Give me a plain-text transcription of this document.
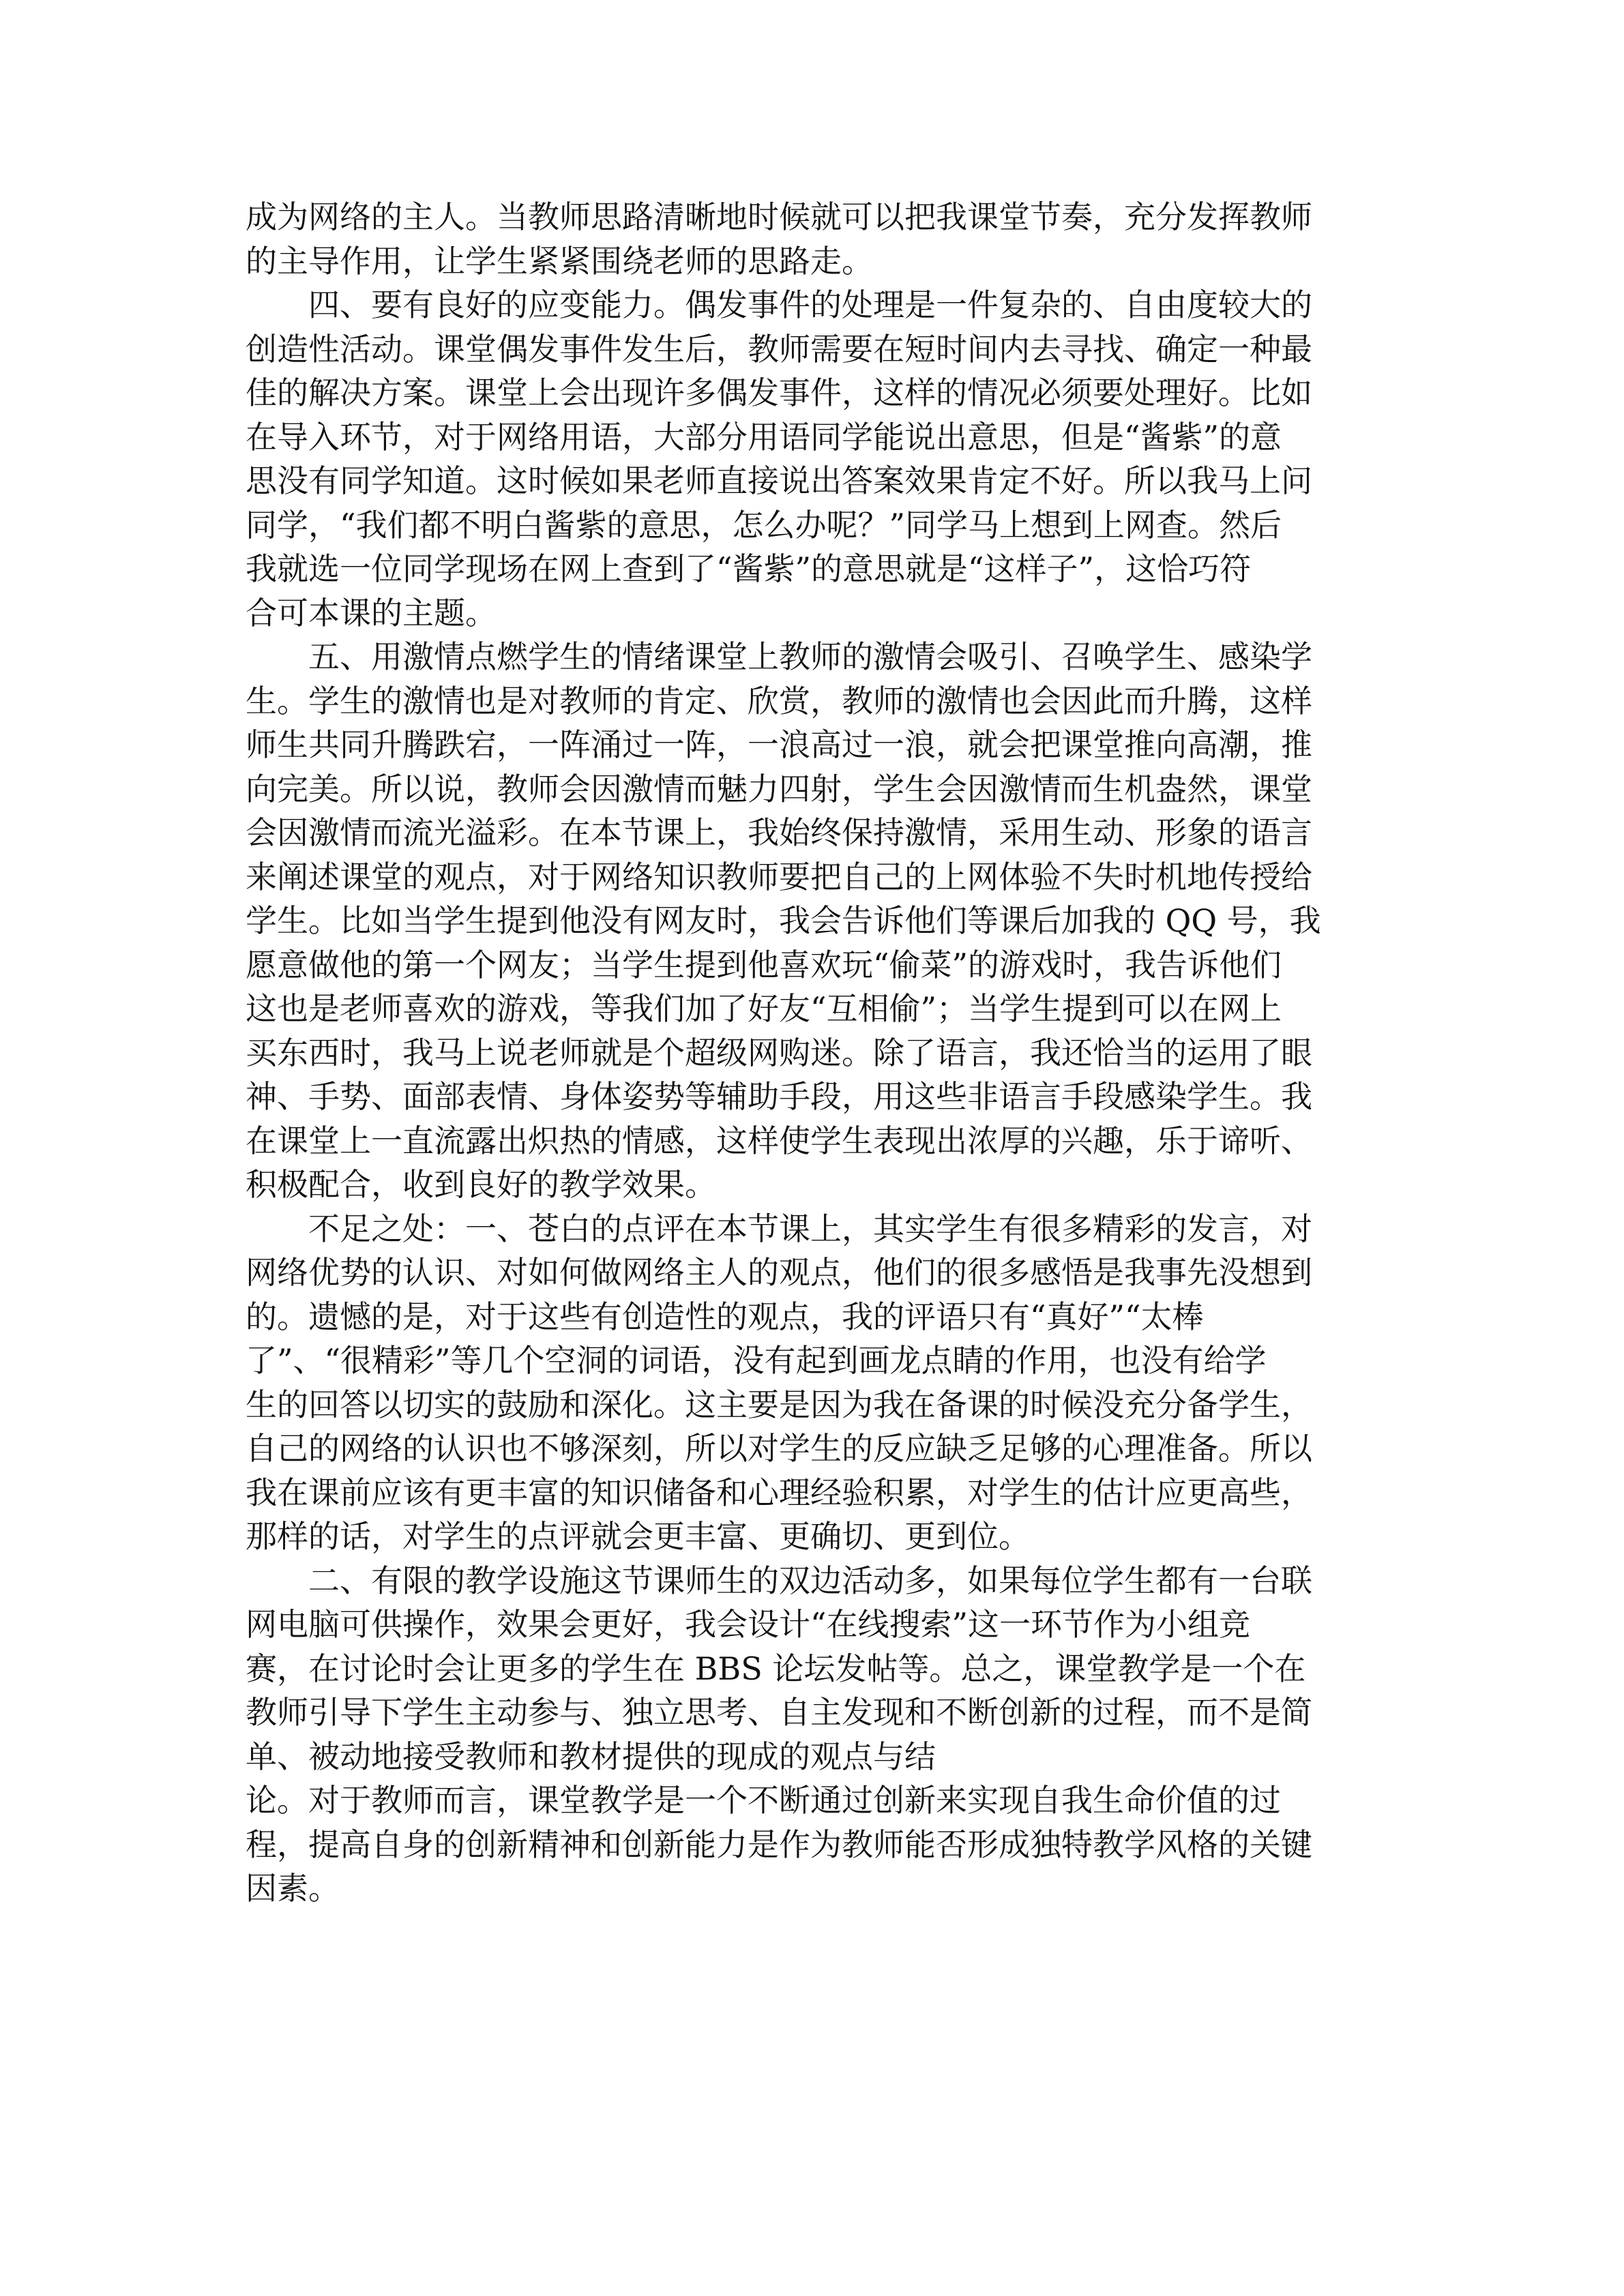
成为网络的主人。当教师思路清晰地时候就可以把我课堂节奏，充分发挥教师
的主导作用，让学生紧紧围绕老师的思路走。
四、要有良好的应变能力。偶发事件的处理是一件复杂的、自由度较大的
创造性活动。课堂偶发事件发生后，教师需要在短时间内去寻找、确定一种最
佳的解决方案。课堂上会出现许多偶发事件，这样的情况必须要处理好。比如
在导入环节，对于网络用语，大部分用语同学能说出意思，但是“酱紫”的意
思没有同学知道。这时候如果老师直接说出答案效果肯定不好。所以我马上问
同学，“我们都不明白酱紫的意思，怎么办呢？”同学马上想到上网查。然后
我就选一位同学现场在网上查到了“酱紫”的意思就是“这样子”，这恰巧符
合可本课的主题。
五、用激情点燃学生的情绪课堂上教师的激情会吸引、召唤学生、感染学
生。学生的激情也是对教师的肯定、欣赏，教师的激情也会因此而升腾，这样
师生共同升腾跌宕，一阵涌过一阵，一浪高过一浪，就会把课堂推向高潮，推
向完美。所以说，教师会因激情而魅力四射，学生会因激情而生机盎然，课堂
会因激情而流光溢彩。在本节课上，我始终保持激情，采用生动、形象的语言
来阐述课堂的观点，对于网络知识教师要把自己的上网体验不失时机地传授给
学生。比如当学生提到他没有网友时，我会告诉他们等课后加我的 QQ 号，我
愿意做他的第一个网友；当学生提到他喜欢玩“偷菜”的游戏时，我告诉他们
这也是老师喜欢的游戏，等我们加了好友“互相偷”；当学生提到可以在网上
买东西时，我马上说老师就是个超级网购迷。除了语言，我还恰当的运用了眼
神、手势、面部表情、身体姿势等辅助手段，用这些非语言手段感染学生。我
在课堂上一直流露出炽热的情感，这样使学生表现出浓厚的兴趣，乐于谛听、
积极配合，收到良好的教学效果。
不足之处：一、苍白的点评在本节课上，其实学生有很多精彩的发言，对
网络优势的认识、对如何做网络主人的观点，他们的很多感悟是我事先没想到
的。遗憾的是，对于这些有创造性的观点，我的评语只有“真好”“太棒
了”、“很精彩”等几个空洞的词语，没有起到画龙点睛的作用，也没有给学
生的回答以切实的鼓励和深化。这主要是因为我在备课的时候没充分备学生，
自己的网络的认识也不够深刻，所以对学生的反应缺乏足够的心理准备。所以
我在课前应该有更丰富的知识储备和心理经验积累，对学生的估计应更高些，
那样的话，对学生的点评就会更丰富、更确切、更到位。
二、有限的教学设施这节课师生的双边活动多，如果每位学生都有一台联
网电脑可供操作，效果会更好，我会设计“在线搜索”这一环节作为小组竞
赛，在讨论时会让更多的学生在 BBS 论坛发帖等。总之，课堂教学是一个在
教师引导下学生主动参与、独立思考、自主发现和不断创新的过程，而不是简
单、被动地接受教师和教材提供的现成的观点与结
论。对于教师而言，课堂教学是一个不断通过创新来实现自我生命价值的过
程，提高自身的创新精神和创新能力是作为教师能否形成独特教学风格的关键
因素。
